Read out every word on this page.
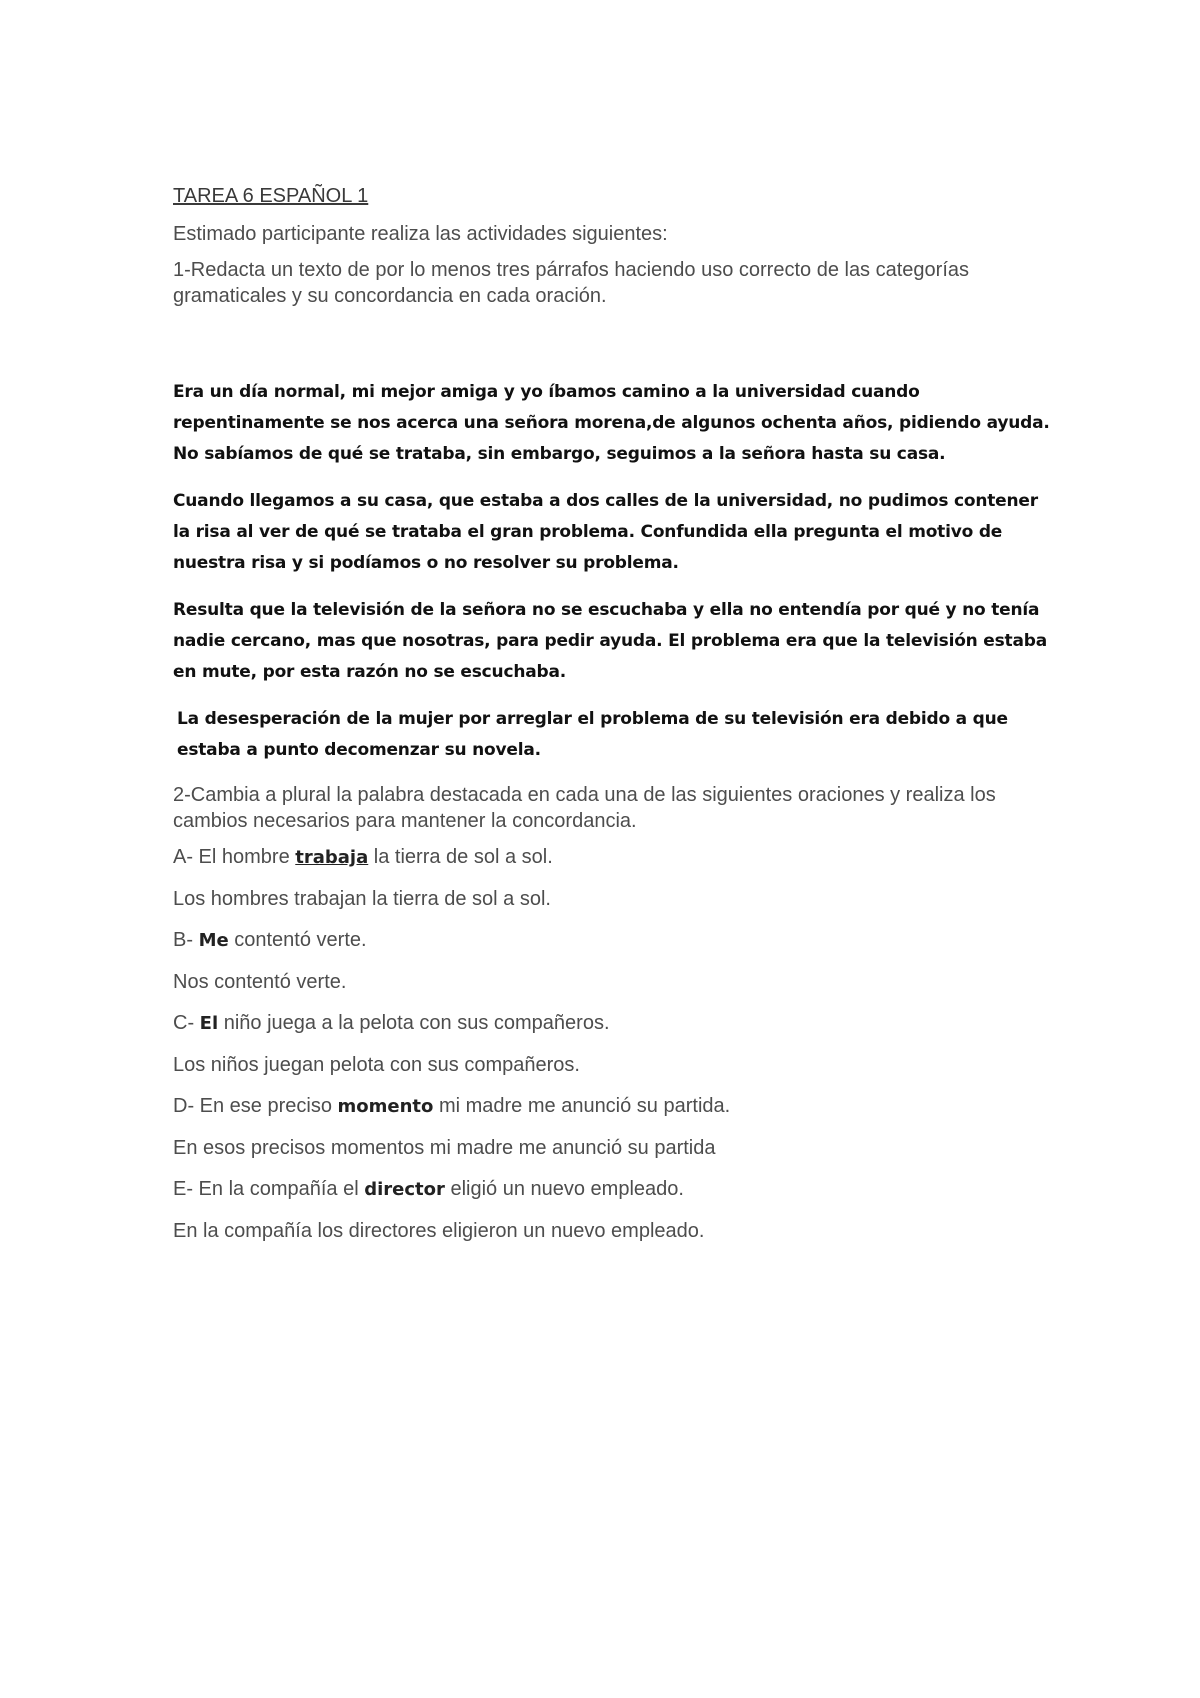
TAREA 6 ESPAÑOL 1

Estimado participante realiza las actividades siguientes:

1-Redacta un texto de por lo menos tres párrafos haciendo uso correcto de las categorías gramaticales y su concordancia en cada oración.

Era un día normal, mi mejor amiga y yo íbamos camino a la universidad cuando repentinamente se nos acerca una señora morena,de algunos ochenta años, pidiendo ayuda. No sabíamos de qué se trataba, sin embargo, seguimos a la señora hasta su casa.

Cuando llegamos a su casa, que estaba a dos calles de la universidad, no pudimos contener la risa al ver de qué se trataba el gran problema. Confundida ella pregunta el motivo de nuestra risa y si podíamos o no resolver su problema.

Resulta que la televisión de la señora no se escuchaba y ella no entendía por qué y no tenía nadie cercano, mas que nosotras, para pedir ayuda. El problema era que la televisión estaba en mute, por esta razón no se escuchaba.

La desesperación de la mujer por arreglar el problema de su televisión era debido a que estaba a punto decomenzar su novela.

2-Cambia a plural la palabra destacada en cada una de las siguientes oraciones y realiza los cambios necesarios para mantener la concordancia.

A- El hombre trabaja la tierra de sol a sol.

Los hombres trabajan la tierra de sol a sol.

B- Me contentó verte.

Nos contentó verte.

C- El niño juega a la pelota con sus compañeros.

Los niños juegan pelota con sus compañeros.

D- En ese preciso momento mi madre me anunció su partida.

En esos precisos momentos mi madre me anunció su partida

E- En la compañía el director eligió un nuevo empleado.

En la compañía los directores eligieron un nuevo empleado.
